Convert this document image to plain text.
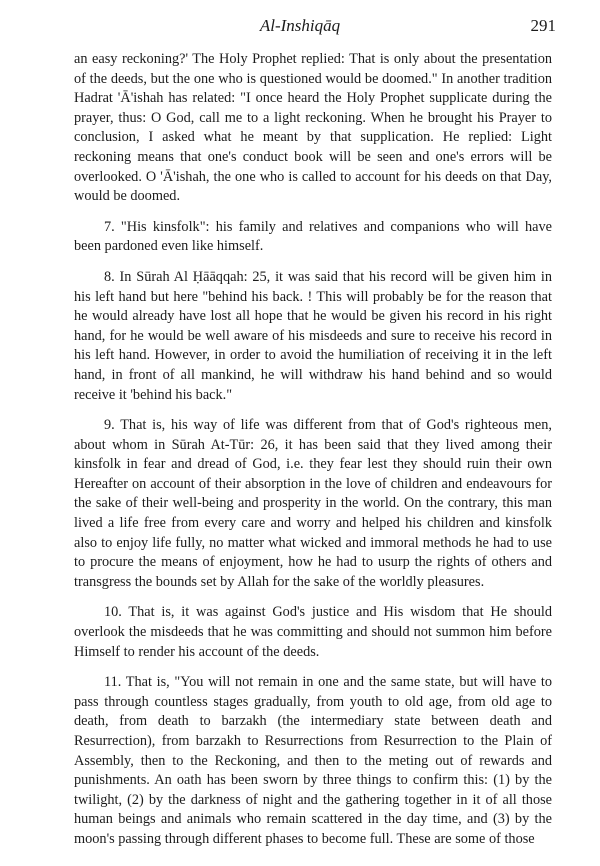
Al-Inshiqāq	291

an easy reckoning?' The Holy Prophet replied: That is only about the presentation of the deeds, but the one who is questioned would be doomed." In another tradition Hadrat 'Ā'ishah has related: "I once heard the Holy Prophet supplicate during the prayer, thus: O God, call me to a light reckoning. When he brought his Prayer to conclusion, I asked what he meant by that supplication. He replied: Light reckoning means that one's conduct book will be seen and one's errors will be overlooked. O 'Ā'ishah, the one who is called to account for his deeds on that Day, would be doomed.

7. "His kinsfolk": his family and relatives and companions who will have been pardoned even like himself.

8. In Sūrah Al Ḥāāqqah: 25, it was said that his record will be given him in his left hand but here "behind his back. ! This will probably be for the reason that he would already have lost all hope that he would be given his record in his right hand, for he would be well aware of his misdeeds and sure to receive his record in his left hand. However, in order to avoid the humiliation of receiving it in the left hand, in front of all mankind, he will withdraw his hand behind and so would receive it 'behind his back."

9. That is, his way of life was different from that of God's righteous men, about whom in Sūrah At-Tūr: 26, it has been said that they lived among their kinsfolk in fear and dread of God, i.e. they fear lest they should ruin their own Hereafter on account of their absorption in the love of children and endeavours for the sake of their well-being and prosperity in the world. On the contrary, this man lived a life free from every care and worry and helped his children and kinsfolk also to enjoy life fully, no matter what wicked and immoral methods he had to use to procure the means of enjoyment, how he had to usurp the rights of others and transgress the bounds set by Allah for the sake of the worldly pleasures.

10. That is, it was against God's justice and His wisdom that He should overlook the misdeeds that he was committing and should not summon him before Himself to render his account of the deeds.

11. That is, "You will not remain in one and the same state, but will have to pass through countless stages gradually, from youth to old age, from old age to death, from death to barzakh (the intermediary state between death and Resurrection), from barzakh to Resurrections from Resurrection to the Plain of Assembly, then to the Reckoning, and then to the meting out of rewards and punishments. An oath has been sworn by three things to confirm this: (1) by the twilight, (2) by the darkness of night and the gathering together in it of all those human beings and animals who remain scattered in the day time, and (3) by the moon's passing through different phases to become full. These are some of those
